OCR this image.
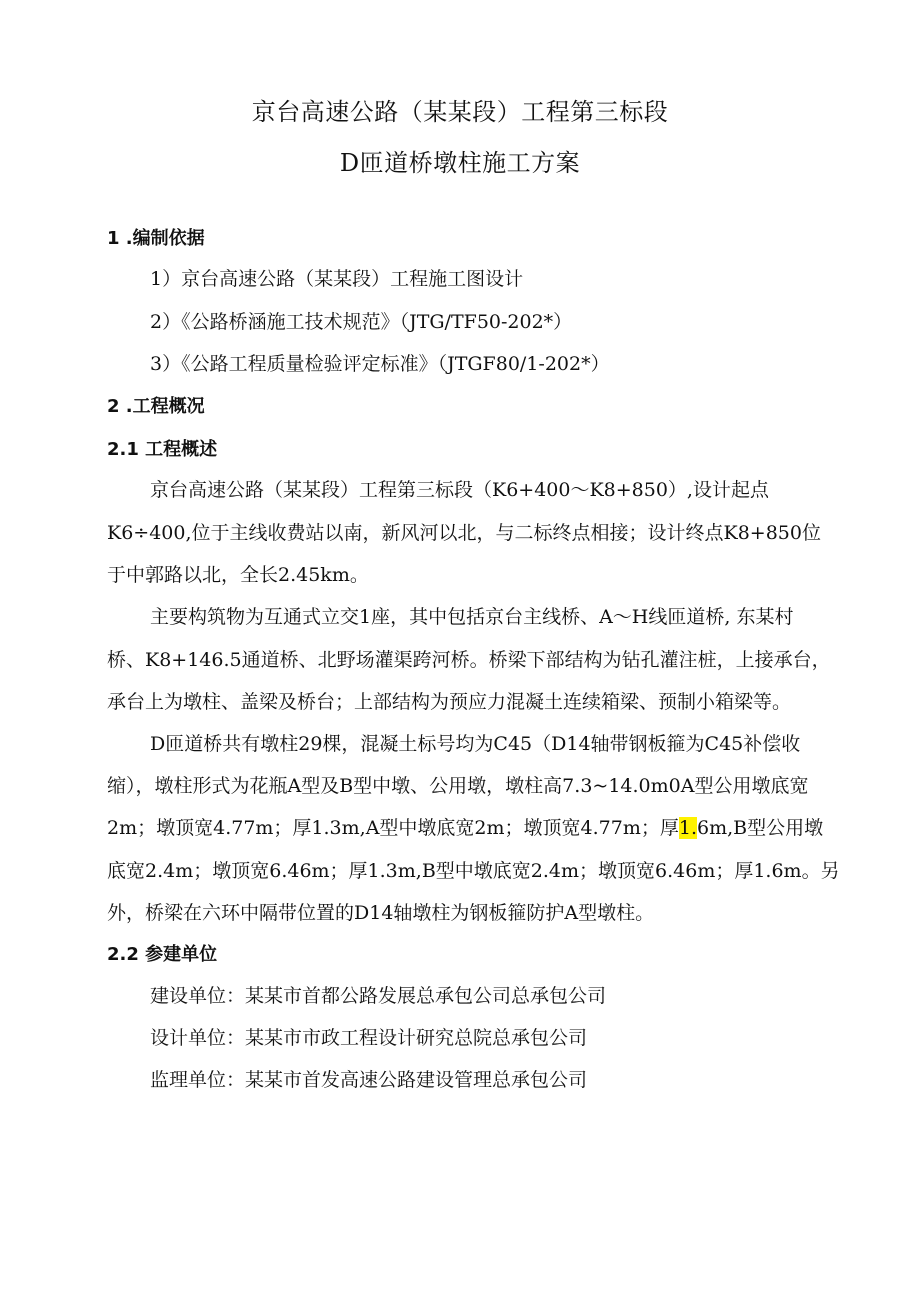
京台高速公路（某某段）工程第三标段
D匝道桥墩柱施工方案
1 .编制依据
1）京台高速公路（某某段）工程施工图设计
2）《公路桥涵施工技术规范》（JTG/TF50-202*）
3）《公路工程质量检验评定标准》（JTGF80/1-202*）
2 .工程概况
2.1 工程概述
京台高速公路（某某段）工程第三标段（K6+400～K8+850）,设计起点
K6÷400,位于主线收费站以南，新风河以北，与二标终点相接；设计终点K8+850位
于中郭路以北，全长2.45km。
主要构筑物为互通式立交1座，其中包括京台主线桥、A～H线匝道桥, 东某村
桥、K8+146.5通道桥、北野场灌渠跨河桥。桥梁下部结构为钻孔灌注桩，上接承台，
承台上为墩柱、盖梁及桥台；上部结构为预应力混凝土连续箱梁、预制小箱梁等。
D匝道桥共有墩柱29棵，混凝土标号均为C45（D14轴带钢板箍为C45补偿收
缩），墩柱形式为花瓶A型及B型中墩、公用墩，墩柱高7.3~14.0m0A型公用墩底宽
2m；墩顶宽4.77m；厚1.3m,A型中墩底宽2m；墩顶宽4.77m；厚1.6m,B型公用墩
底宽2.4m；墩顶宽6.46m；厚1.3m,B型中墩底宽2.4m；墩顶宽6.46m；厚1.6m。另
外，桥梁在六环中隔带位置的D14轴墩柱为钢板箍防护A型墩柱。
2.2 参建单位
建设单位：某某市首都公路发展总承包公司总承包公司
设计单位：某某市市政工程设计研究总院总承包公司
监理单位：某某市首发高速公路建设管理总承包公司
